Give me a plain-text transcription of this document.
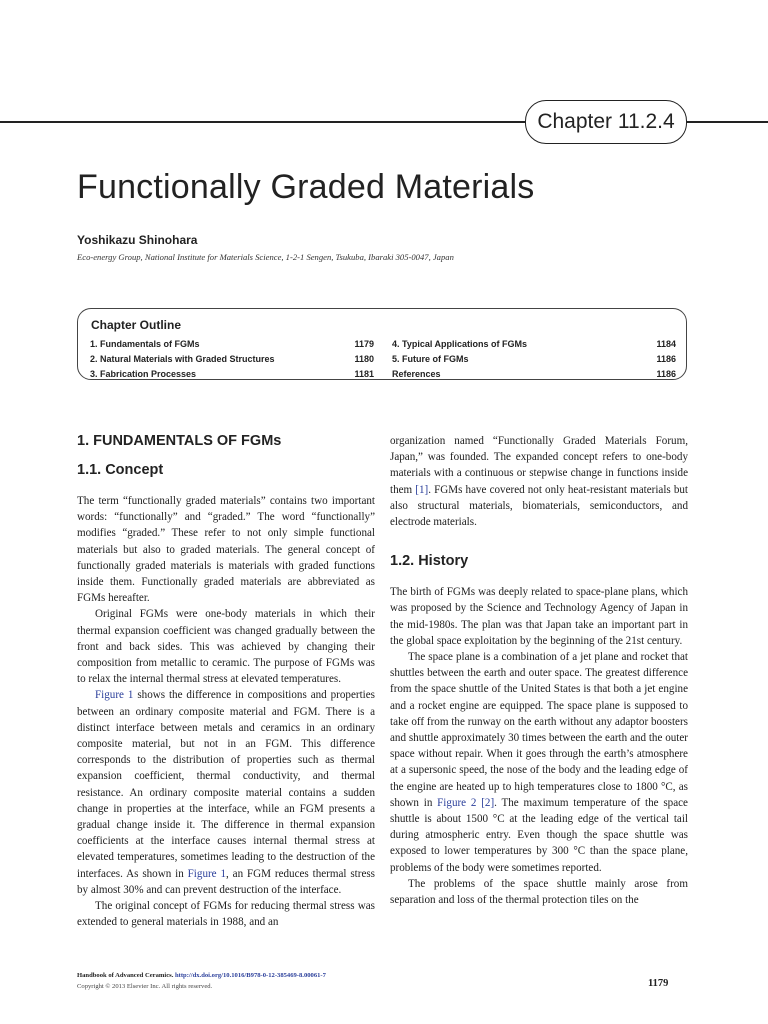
Chapter 11.2.4
Functionally Graded Materials
Yoshikazu Shinohara
Eco-energy Group, National Institute for Materials Science, 1-2-1 Sengen, Tsukuba, Ibaraki 305-0047, Japan
Chapter Outline
1. Fundamentals of FGMs	1179
2. Natural Materials with Graded Structures	1180
3. Fabrication Processes	1181
4. Typical Applications of FGMs	1184
5. Future of FGMs	1186
References	1186
1. FUNDAMENTALS OF FGMs
1.1. Concept

The term “functionally graded materials” contains two important words: “functionally” and “graded.” The word “functionally” modifies “graded.” These refer to not only simple functional materials but also to graded materials. The general concept of functionally graded materials is materials with graded functions inside them. Functionally graded materials are abbreviated as FGMs hereafter.

Original FGMs were one-body materials in which their thermal expansion coefficient was changed gradually between the front and back sides. This was achieved by changing their composition from metallic to ceramic. The purpose of FGMs was to relax the internal thermal stress at elevated temperatures.

Figure 1 shows the difference in compositions and properties between an ordinary composite material and FGM. There is a distinct interface between metals and ceramics in an ordinary composite material, but not in an FGM. This difference corresponds to the distribution of properties such as thermal expansion coefficient, thermal conductivity, and thermal resistance. An ordinary composite material contains a sudden change in properties at the interface, while an FGM presents a gradual change inside it. The difference in thermal expansion coefficients at the interface causes internal thermal stress at elevated temperatures, sometimes leading to the destruction of the interfaces. As shown in Figure 1, an FGM reduces thermal stress by almost 30% and can prevent destruction of the interface.

The original concept of FGMs for reducing thermal stress was extended to general materials in 1988, and an

organization named “Functionally Graded Materials Forum, Japan,” was founded. The expanded concept refers to one-body materials with a continuous or stepwise change in functions inside them [1]. FGMs have covered not only heat-resistant materials but also structural materials, biomaterials, semiconductors, and electrode materials.

1.2. History

The birth of FGMs was deeply related to space-plane plans, which was proposed by the Science and Technology Agency of Japan in the mid-1980s. The plan was that Japan take an important part in the global space exploitation by the beginning of the 21st century.

The space plane is a combination of a jet plane and rocket that shuttles between the earth and outer space. The greatest difference from the space shuttle of the United States is that both a jet engine and a rocket engine are equipped. The space plane is supposed to take off from the runway on the earth without any adaptor boosters and shuttle approximately 30 times between the earth and the outer space without repair. When it goes through the earth’s atmosphere at a supersonic speed, the nose of the body and the leading edge of the engine are heated up to high temperatures close to 1800 °C, as shown in Figure 2 [2]. The maximum temperature of the space shuttle is about 1500 °C at the leading edge of the vertical tail during atmospheric entry. Even though the space shuttle was exposed to lower temperatures by 300 °C than the space plane, problems of the body were sometimes reported.

The problems of the space shuttle mainly arose from separation and loss of the thermal protection tiles on the

Handbook of Advanced Ceramics. http://dx.doi.org/10.1016/B978-0-12-385469-8.00061-7
Copyright © 2013 Elsevier Inc. All rights reserved.	1179
